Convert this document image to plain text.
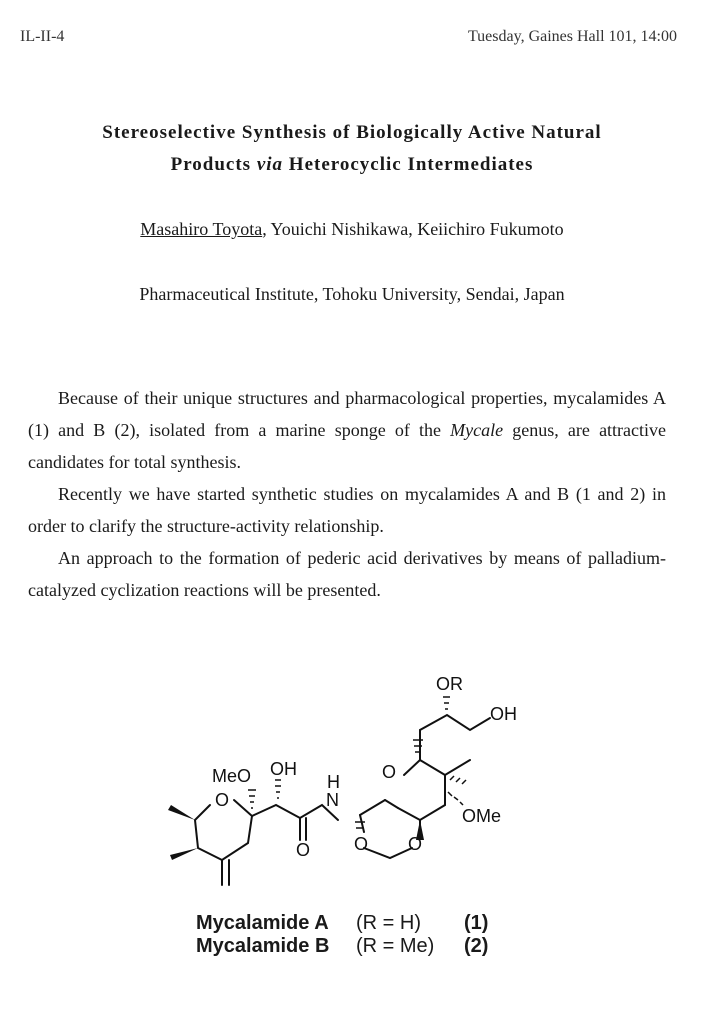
IL-II-4	Tuesday, Gaines Hall 101, 14:00
Stereoselective Synthesis of Biologically Active Natural
Products via Heterocyclic Intermediates
Masahiro Toyota, Youichi Nishikawa, Keiichiro Fukumoto
Pharmaceutical Institute, Tohoku University, Sendai, Japan

Because of their unique structures and pharmacological properties, mycalamides A (1) and B (2), isolated from a marine sponge of the Mycale genus, are attractive candidates for total synthesis.

Recently we have started synthetic studies on mycalamides A and B (1 and 2) in order to clarify the structure-activity relationship.

An approach to the formation of pederic acid derivatives by means of palladium-catalyzed cyclization reactions will be presented.

OR
OH
MeO OH
H
N
O
O
OMe
O O O
Mycalamide A	(R = H)	(1)
Mycalamide B	(R = Me)	(2)
